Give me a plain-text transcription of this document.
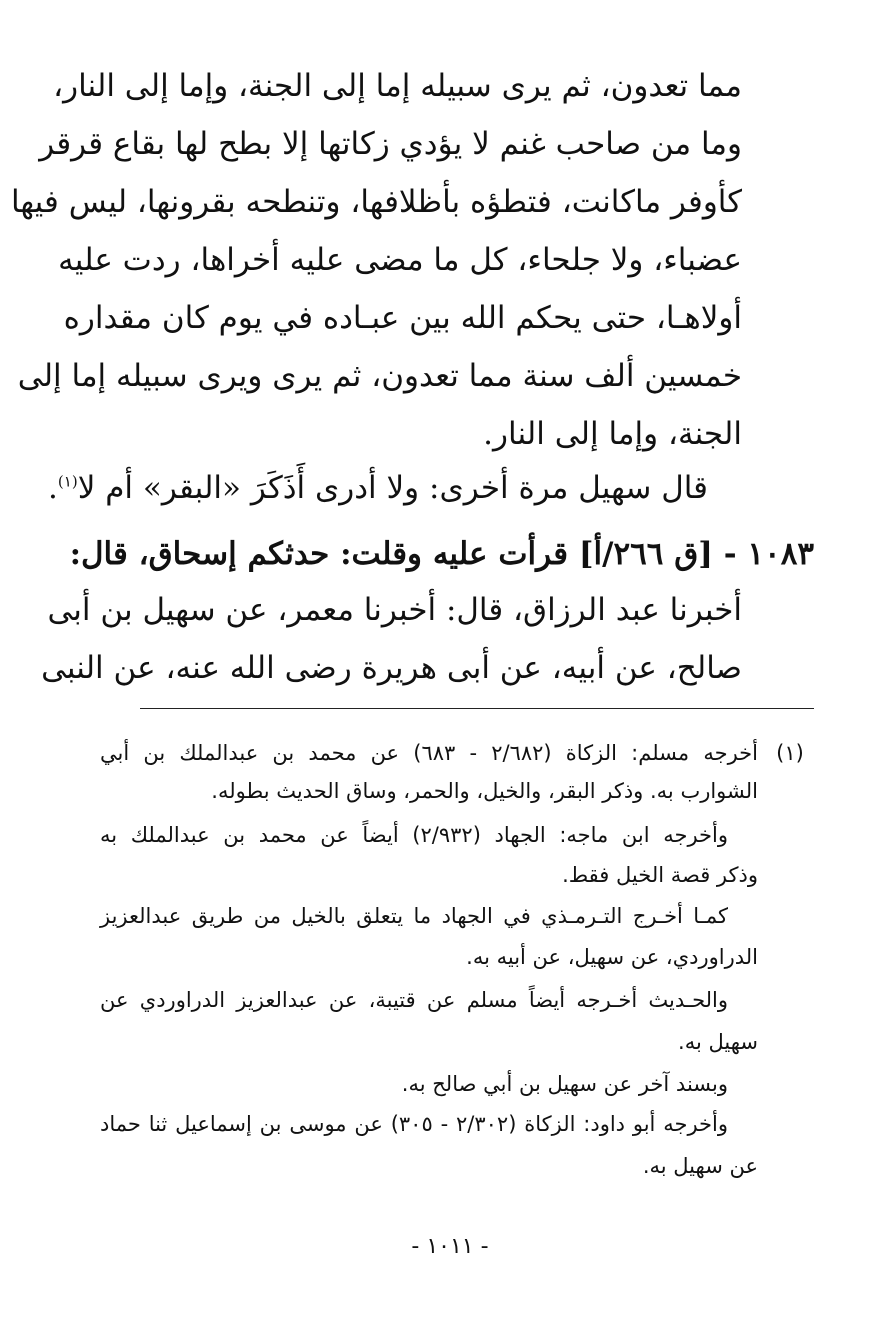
مما تعدون، ثم يرى سبيله إما إلى الجنة، وإما إلى النار،
وما من صاحب غنم لا يؤدي زكاتها إلا بطح لها بقاع قرقر
كأوفر ماكانت، فتطؤه بأظلافها، وتنطحه بقرونها، ليس فيها
عضباء، ولا جلحاء، كل ما مضى عليه أخراها، ردت عليه
أولاهـا، حتى يحكم الله بين عبـاده في يوم كان مقداره
خمسين ألف سنة مما تعدون، ثم يرى ويرى سبيله إما إلى
الجنة، وإما إلى النار.
قال سهيل مرة أخرى: ولا أدرى أَذَكَرَ «البقر» أم لا$^{(١)}$.
١٠٨٣ - [ق ٢٦٦/أ] قرأت عليه وقلت: حدثكم إسحاق، قال:
أخبرنا عبد الرزاق، قال: أخبرنا معمر، عن سهيل بن أبى
صالح، عن أبيه، عن أبى هريرة رضى الله عنه، عن النبى
(١)
أخرجه مسلم: الزكاة (٢/٦٨٢ - ٦٨٣) عن محمد بن عبدالملك بن أبي
الشوارب به. وذكر البقر، والخيل، والحمر، وساق الحديث بطوله.
وأخرجه ابن ماجه: الجهاد (٢/٩٣٢) أيضاً عن محمد بن عبدالملك به
وذكر قصة الخيل فقط.
كمـا أخـرج التـرمـذي في الجهاد ما يتعلق بالخيل من طريق عبدالعزيز
الدراوردي، عن سهيل، عن أبيه به.
والحـديث أخـرجه أيضاً مسلم عن قتيبة، عن عبدالعزيز الدراوردي عن
سهيل به.
وبسند آخر عن سهيل بن أبي صالح به.
وأخرجه أبو داود: الزكاة (٢/٣٠٢ - ٣٠٥) عن موسى بن إسماعيل ثنا حماد
عن سهيل به.
- ١٠١١ -
